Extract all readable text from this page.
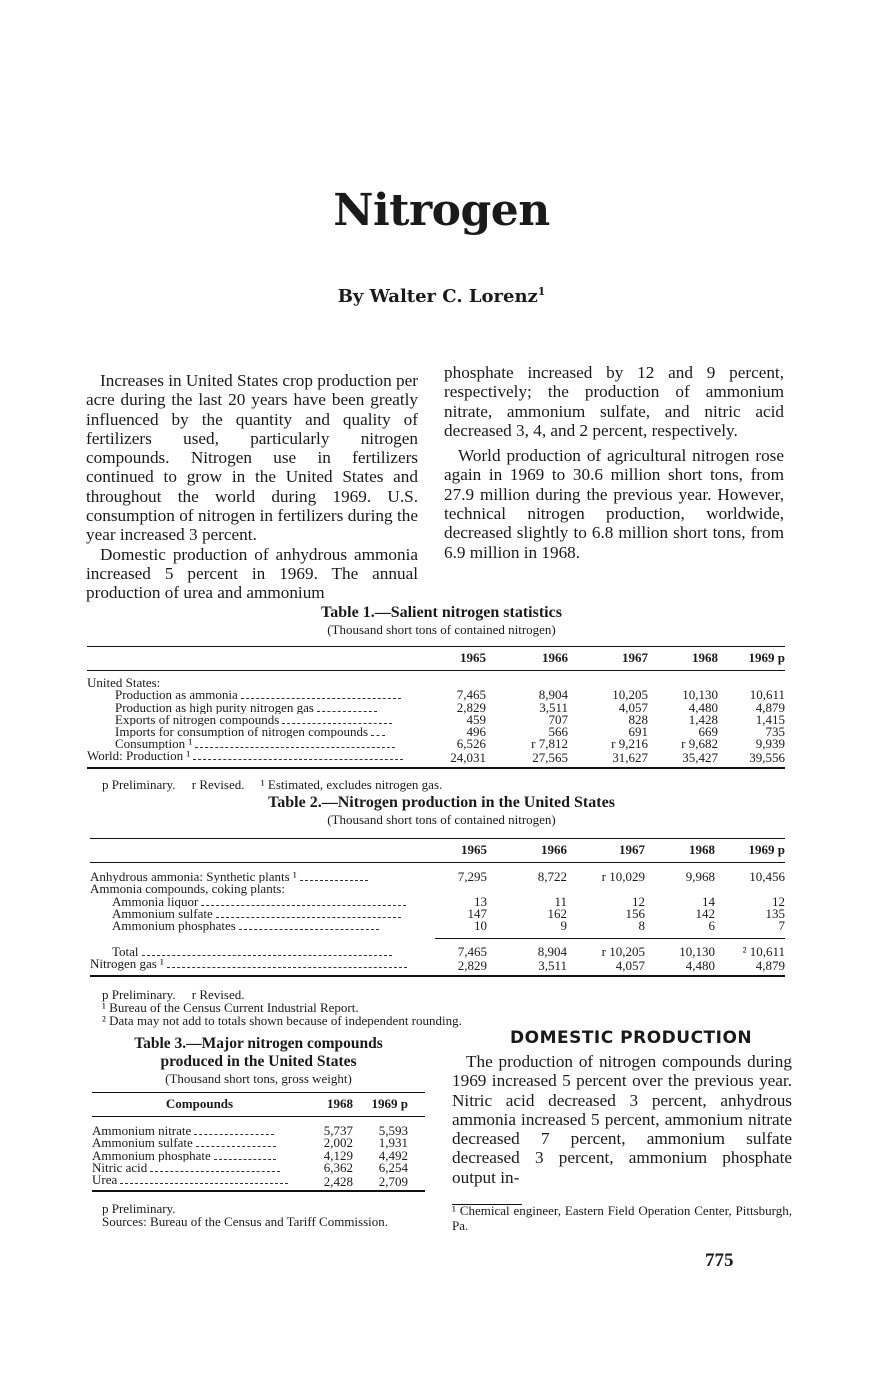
Nitrogen
By Walter C. Lorenz$^1$

Increases in United States crop production per acre during the last 20 years have been greatly influenced by the quantity and quality of fertilizers used, particularly nitrogen compounds. Nitrogen use in fertilizers continued to grow in the United States and throughout the world during 1969. U.S. consumption of nitrogen in fertilizers during the year increased 3 percent.

Domestic production of anhydrous ammonia increased 5 percent in 1969. The annual production of urea and ammonium

phosphate increased by 12 and 9 percent, respectively; the production of ammonium nitrate, ammonium sulfate, and nitric acid decreased 3, 4, and 2 percent, respectively.

World production of agricultural nitrogen rose again in 1969 to 30.6 million short tons, from 27.9 million during the previous year. However, technical nitrogen production, worldwide, decreased slightly to 6.8 million short tons, from 6.9 million in 1968.

Table 1.—Salient nitrogen statistics
(Thousand short tons of contained nitrogen)
	1965	1966	1967	1968	1969 p
United States:					
Production as ammonia	7,465	8,904	10,205	10,130	10,611
Production as high purity nitrogen gas	2,829	3,511	4,057	4,480	4,879
Exports of nitrogen compounds	459	707	828	1,428	1,415
Imports for consumption of nitrogen compounds	496	566	691	669	735
Consumption ¹	6,526	r 7,812	r 9,216	r 9,682	9,939
World: Production ¹	24,031	27,565	31,627	35,427	39,556
p Preliminary.     r Revised.     ¹ Estimated, excludes nitrogen gas.
Table 2.—Nitrogen production in the United States
(Thousand short tons of contained nitrogen)
	1965	1966	1967	1968	1969 p
Anhydrous ammonia: Synthetic plants ¹	7,295	8,722	r 10,029	9,968	10,456
Ammonia compounds, coking plants:					
Ammonia liquor	13	11	12	14	12
Ammonium sulfate	147	162	156	142	135
Ammonium phosphates	10	9	8	6	7
Total	7,465	8,904	r 10,205	10,130	² 10,611
Nitrogen gas ¹	2,829	3,511	4,057	4,480	4,879
p Preliminary.     r Revised.
¹ Bureau of the Census Current Industrial Report.
² Data may not add to totals shown because of independent rounding.
Table 3.—Major nitrogen compounds
produced in the United States
(Thousand short tons, gross weight)
Compounds	1968	1969 p	
Ammonium nitrate	5,737	5,593	
Ammonium sulfate	2,002	1,931	
Ammonium phosphate	4,129	4,492	
Nitric acid	6,362	6,254	
Urea	2,428	2,709	
p Preliminary.
Sources: Bureau of the Census and Tariff Commission.
DOMESTIC PRODUCTION

The production of nitrogen compounds during 1969 increased 5 percent over the previous year. Nitric acid decreased 3 percent, anhydrous ammonia increased 5 percent, ammonium nitrate decreased 7 percent, ammonium sulfate decreased 3 percent, ammonium phosphate output in-

¹ Chemical engineer, Eastern Field Operation Center, Pittsburgh, Pa.
775
